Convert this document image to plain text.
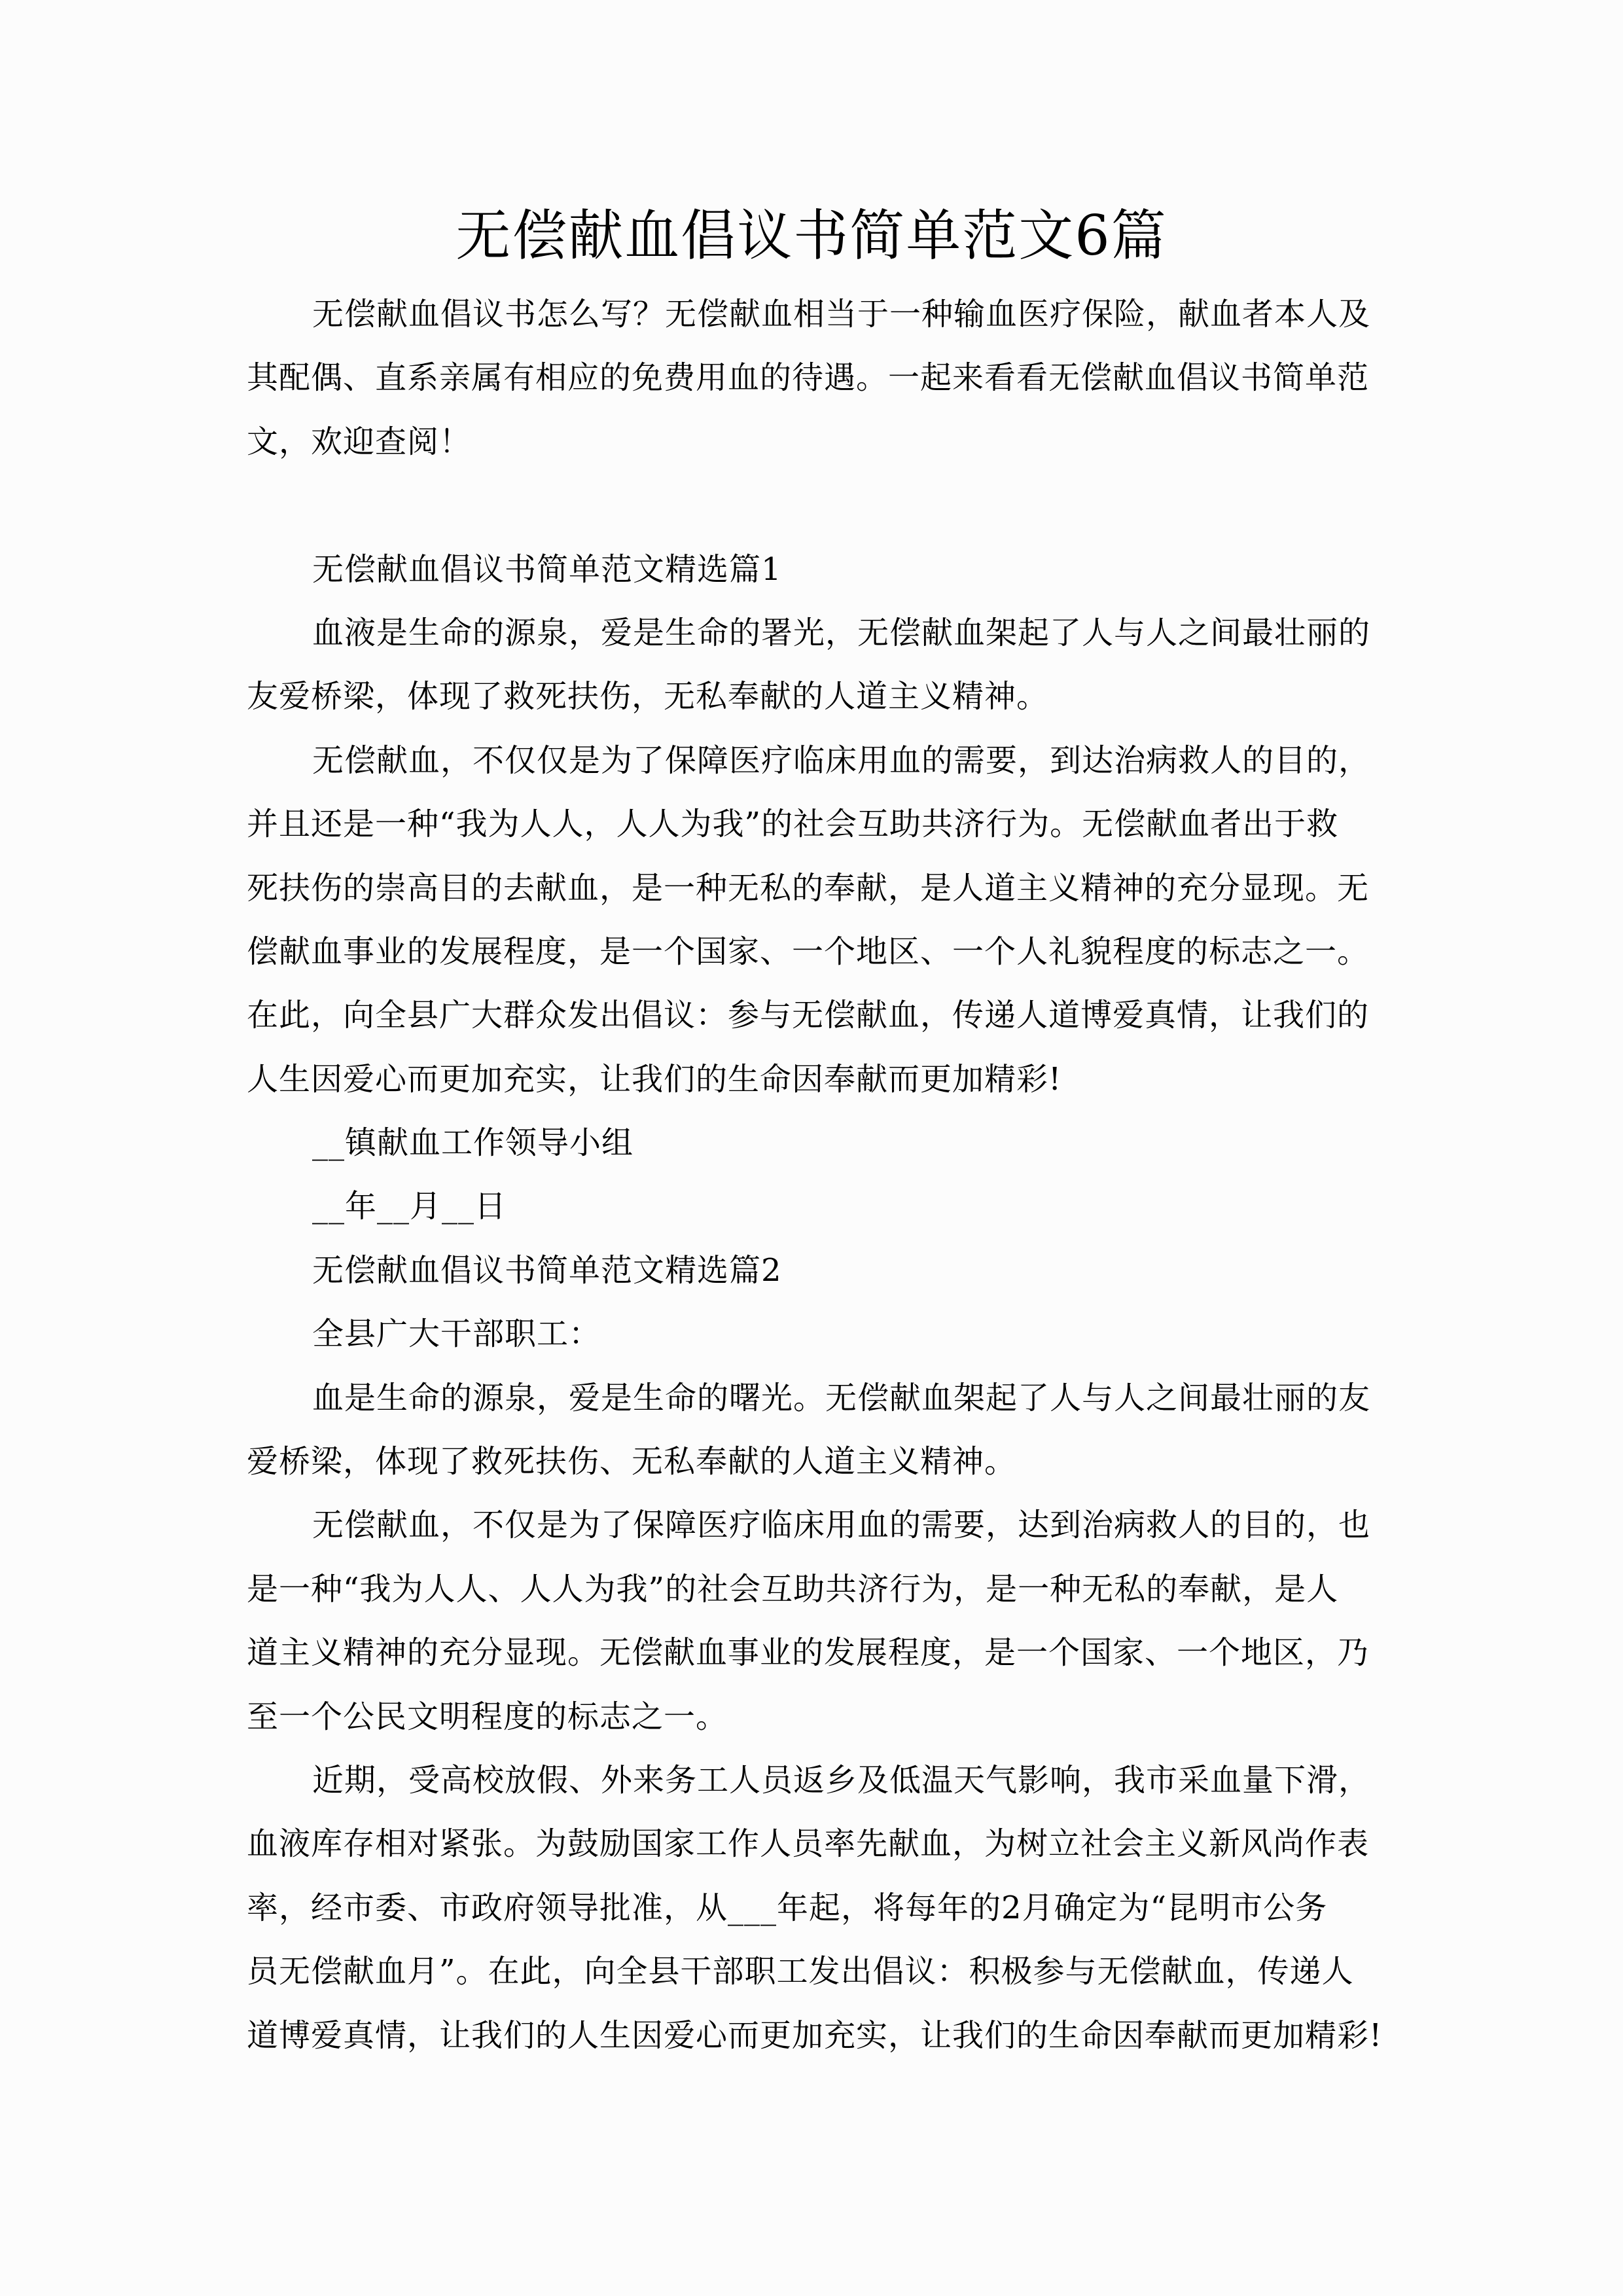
无偿献血倡议书简单范文6篇
无偿献血倡议书怎么写？无偿献血相当于一种输血医疗保险，献血者本人及
其配偶、直系亲属有相应的免费用血的待遇。一起来看看无偿献血倡议书简单范
文，欢迎查阅！

无偿献血倡议书简单范文精选篇1
血液是生命的源泉，爱是生命的署光，无偿献血架起了人与人之间最壮丽的
友爱桥梁，体现了救死扶伤，无私奉献的人道主义精神。
无偿献血，不仅仅是为了保障医疗临床用血的需要，到达治病救人的目的，
并且还是一种“我为人人，人人为我”的社会互助共济行为。无偿献血者出于救
死扶伤的崇高目的去献血，是一种无私的奉献，是人道主义精神的充分显现。无
偿献血事业的发展程度，是一个国家、一个地区、一个人礼貌程度的标志之一。
在此，向全县广大群众发出倡议：参与无偿献血，传递人道博爱真情，让我们的
人生因爱心而更加充实，让我们的生命因奉献而更加精彩!
__镇献血工作领导小组
__年__月__日
无偿献血倡议书简单范文精选篇2
全县广大干部职工：
血是生命的源泉，爱是生命的曙光。无偿献血架起了人与人之间最壮丽的友
爱桥梁，体现了救死扶伤、无私奉献的人道主义精神。
无偿献血，不仅是为了保障医疗临床用血的需要，达到治病救人的目的，也
是一种“我为人人、人人为我”的社会互助共济行为，是一种无私的奉献，是人
道主义精神的充分显现。无偿献血事业的发展程度，是一个国家、一个地区，乃
至一个公民文明程度的标志之一。
近期，受高校放假、外来务工人员返乡及低温天气影响，我市采血量下滑，
血液库存相对紧张。为鼓励国家工作人员率先献血，为树立社会主义新风尚作表
率，经市委、市政府领导批准，从___年起，将每年的2月确定为“昆明市公务
员无偿献血月”。在此，向全县干部职工发出倡议：积极参与无偿献血，传递人
道博爱真情，让我们的人生因爱心而更加充实，让我们的生命因奉献而更加精彩!
